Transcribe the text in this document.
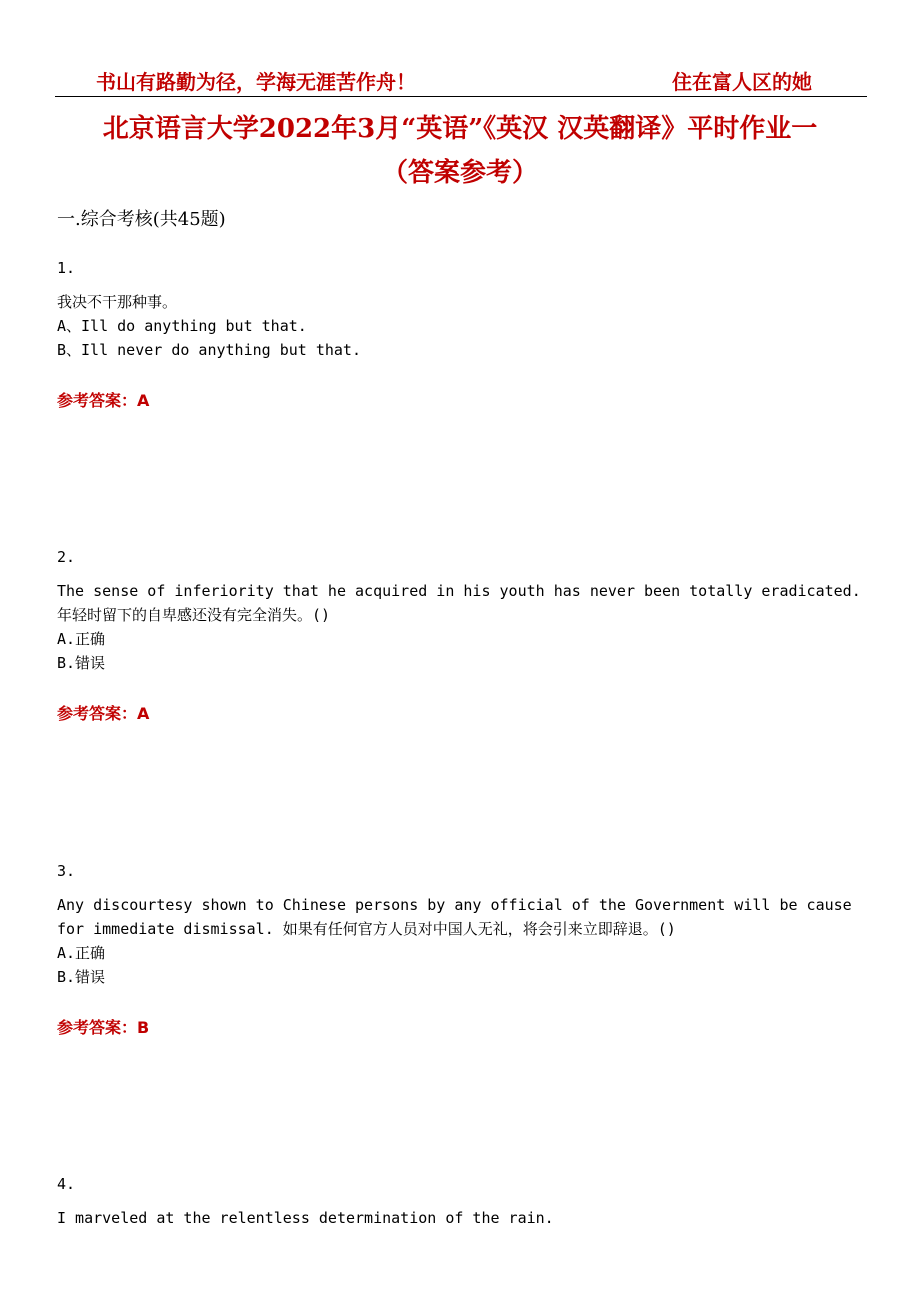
书山有路勤为径，学海无涯苦作舟！	住在富人区的她
北京语言大学2022年3月“英语”《英汉 汉英翻译》平时作业一
（答案参考）
一.综合考核(共45题)
1.
我决不干那种事。
A、Ill do anything but that.
B、Ill never do anything but that.
参考答案：A
2.
The sense of inferiority that he acquired in his youth has never been totally eradicated.
年轻时留下的自卑感还没有完全消失。()
A.正确
B.错误
参考答案：A
3.
Any discourtesy shown to Chinese persons by any official of the Government will be cause
for immediate dismissal. 如果有任何官方人员对中国人无礼，将会引来立即辞退。()
A.正确
B.错误
参考答案：B
4.
I marveled at the relentless determination of the rain.
